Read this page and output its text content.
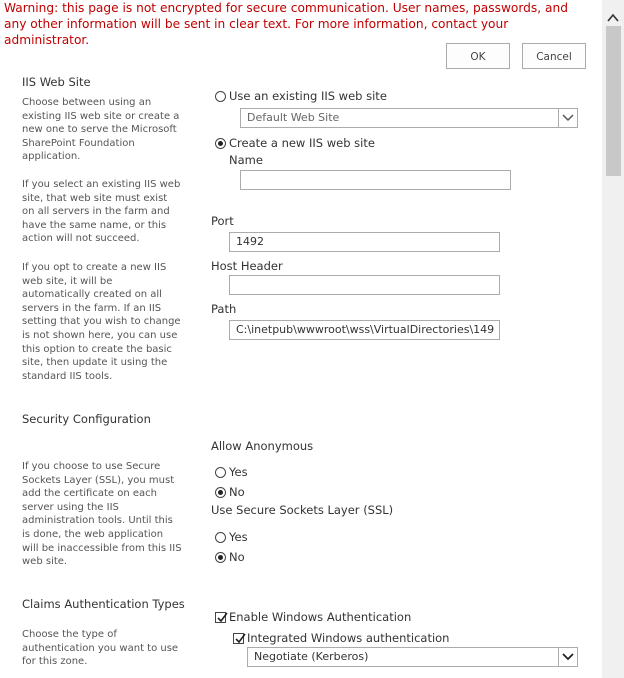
Warning: this page is not encrypted for secure communication. User names, passwords, and any other information will be sent in clear text. For more information, contact your administrator.
OK	Cancel
IIS Web Site
Choose between using an existing IIS web site or create a new one to serve the Microsoft SharePoint Foundation application.
If you select an existing IIS web site, that web site must exist on all servers in the farm and have the same name, or this action will not succeed.
If you opt to create a new IIS web site, it will be automatically created on all servers in the farm. If an IIS setting that you wish to change is not shown here, you can use this option to create the basic site, then update it using the standard IIS tools.
Use an existing IIS web site
Default Web Site
Create a new IIS web site
Name
Port
1492
Host Header
Path
C:\inetpub\wwwroot\wss\VirtualDirectories\149
Security Configuration
If you choose to use Secure Sockets Layer (SSL), you must add the certificate on each server using the IIS administration tools. Until this is done, the web application will be inaccessible from this IIS web site.
Allow Anonymous
Yes
No
Use Secure Sockets Layer (SSL)
Yes
No
Claims Authentication Types
Choose the type of authentication you want to use for this zone.
Enable Windows Authentication
Integrated Windows authentication
Negotiate (Kerberos)
